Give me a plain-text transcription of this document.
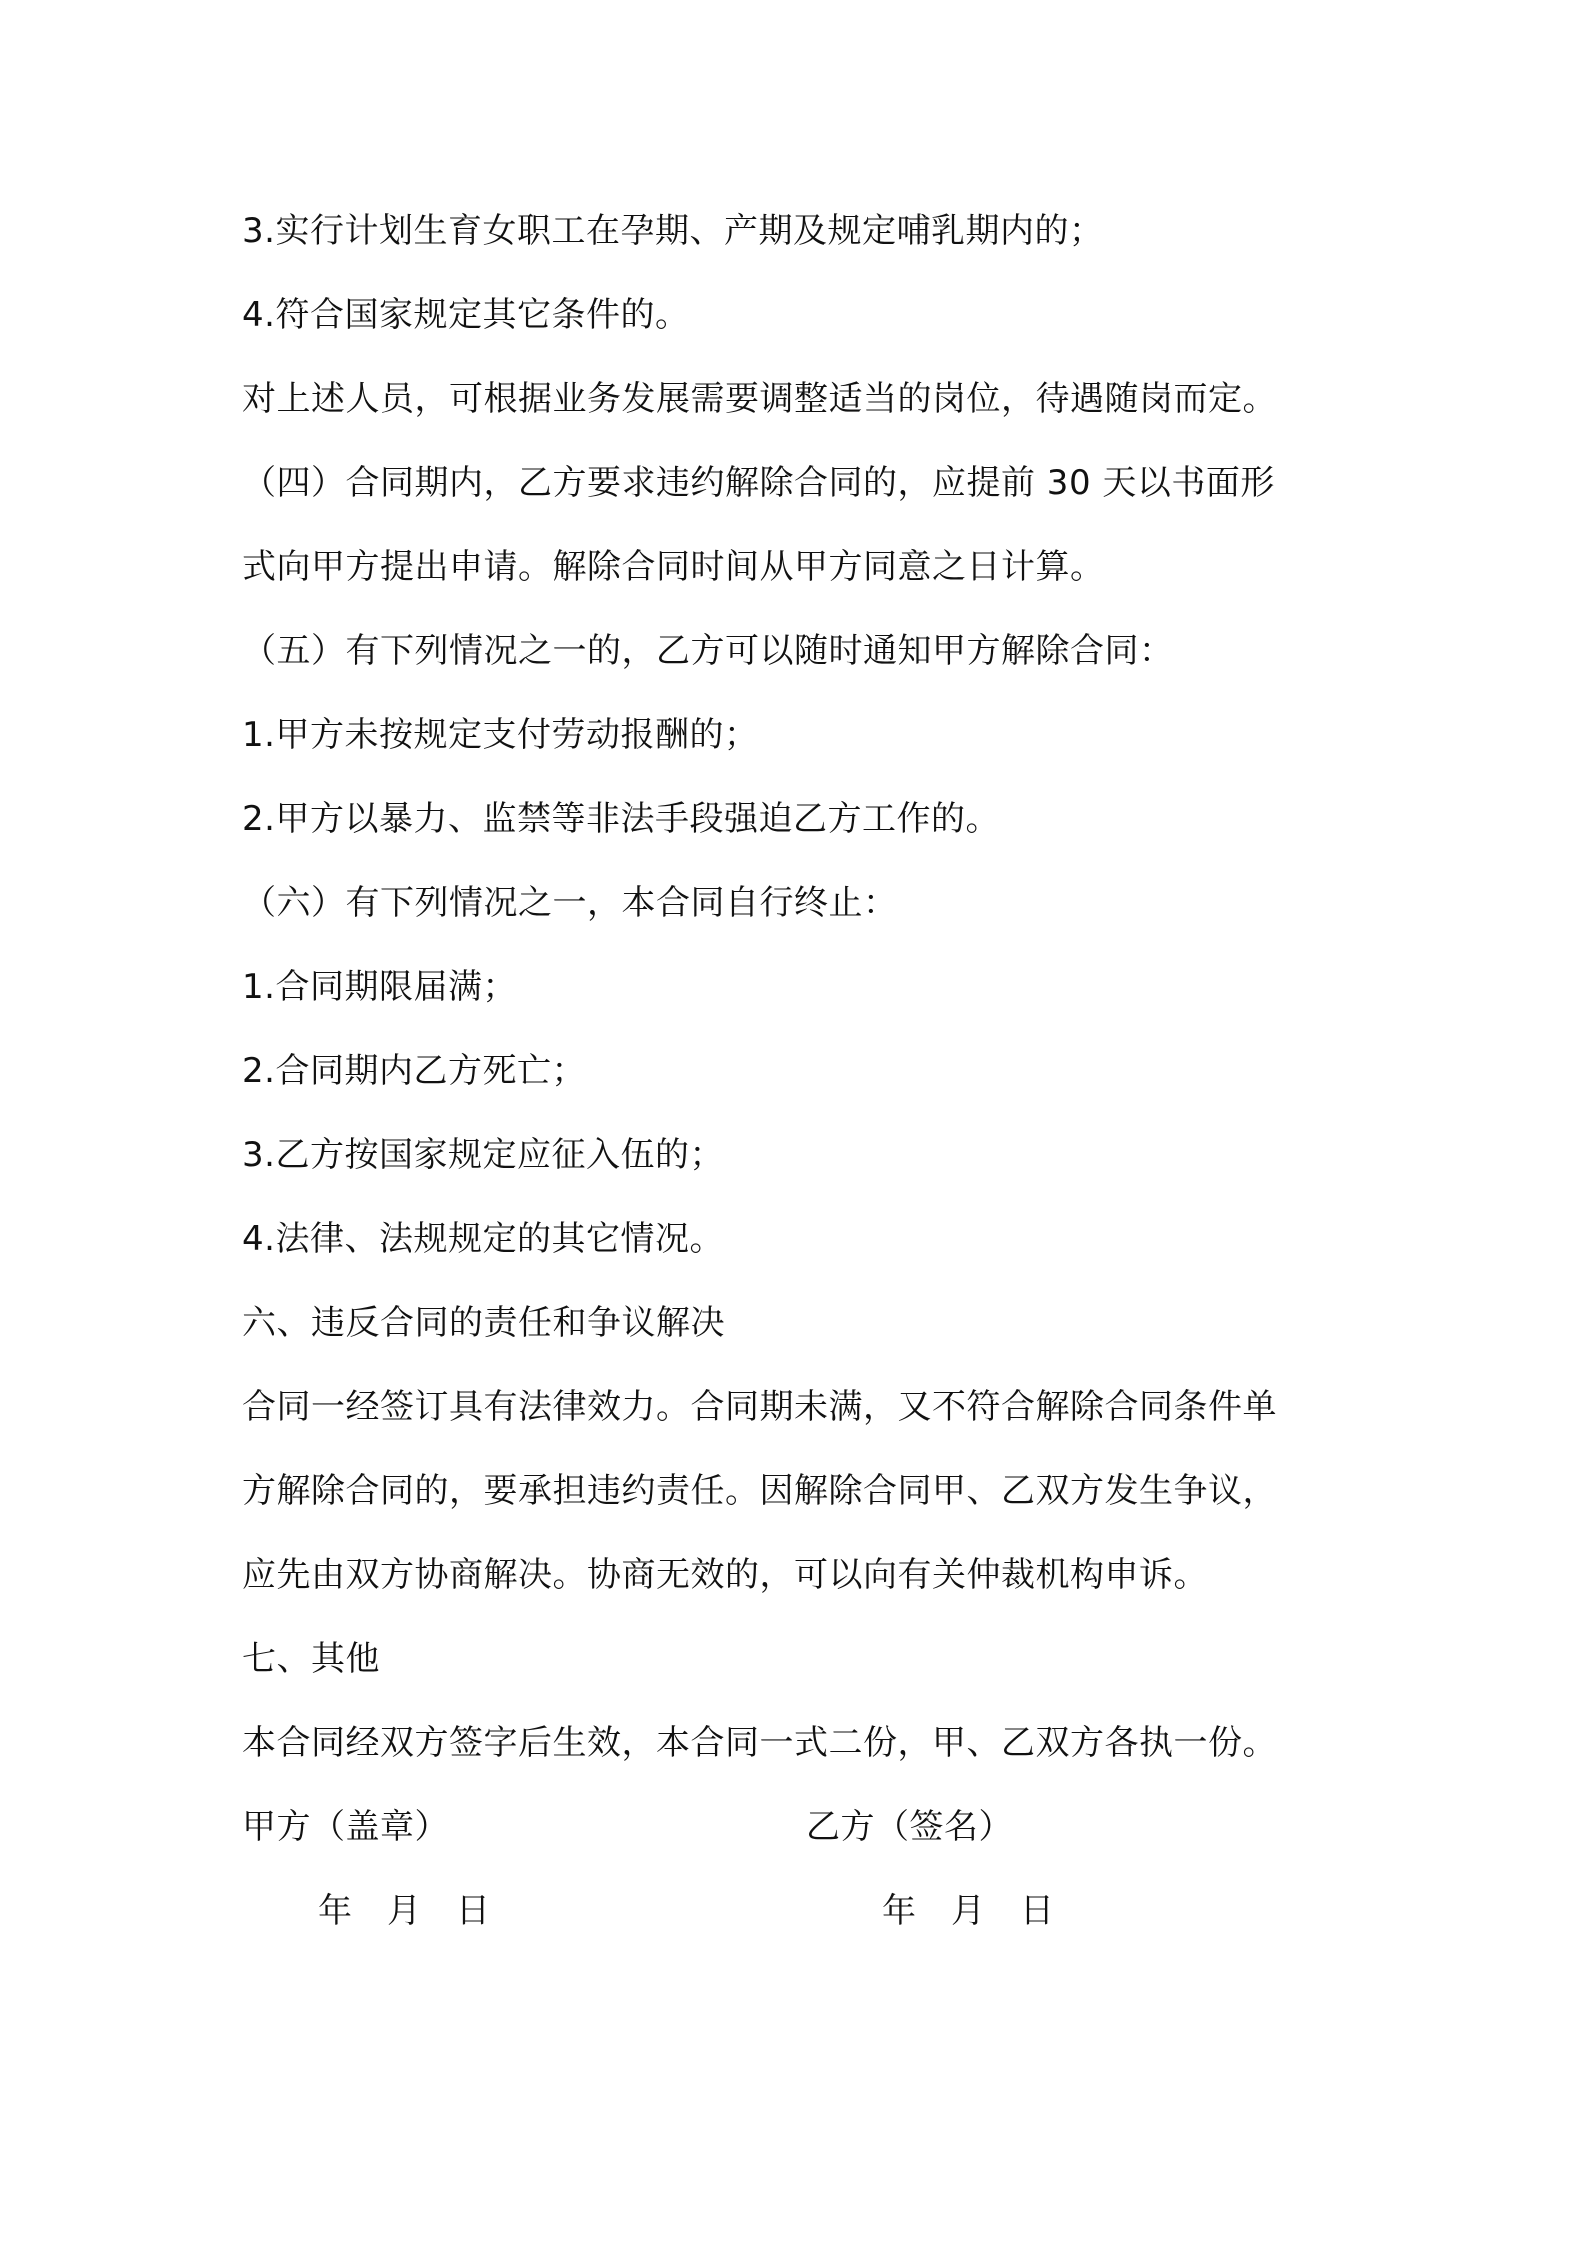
3.实行计划生育女职工在孕期、产期及规定哺乳期内的；
4.符合国家规定其它条件的。
对上述人员，可根据业务发展需要调整适当的岗位，待遇随岗而定。
（四）合同期内，乙方要求违约解除合同的，应提前 30 天以书面形
式向甲方提出申请。解除合同时间从甲方同意之日计算。
（五）有下列情况之一的，乙方可以随时通知甲方解除合同：
1.甲方未按规定支付劳动报酬的；
2.甲方以暴力、监禁等非法手段强迫乙方工作的。
（六）有下列情况之一，本合同自行终止：
1.合同期限届满；
2.合同期内乙方死亡；
3.乙方按国家规定应征入伍的；
4.法律、法规规定的其它情况。
六、违反合同的责任和争议解决
合同一经签订具有法律效力。合同期未满，又不符合解除合同条件单
方解除合同的，要承担违约责任。因解除合同甲、乙双方发生争议，
应先由双方协商解决。协商无效的，可以向有关仲裁机构申诉。
七、其他
本合同经双方签字后生效，本合同一式二份，甲、乙双方各执一份。
甲方（盖章）	乙方（签名）
年　月　日	年　月　日
